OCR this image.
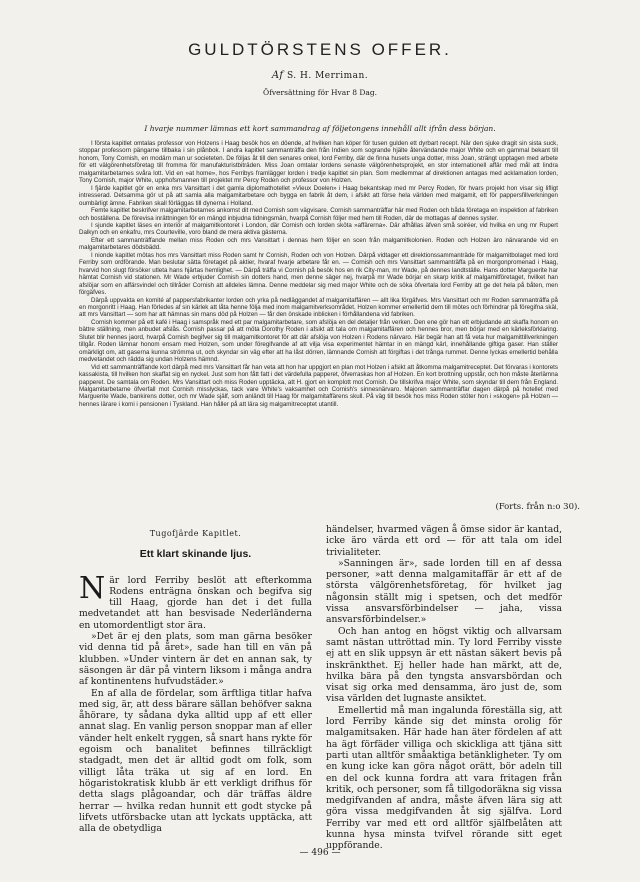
GULDTÖRSTENS OFFER.
Af S. H. Merriman.
Öfversättning för Hvar 8 Dag.
I hvarje nummer lämnas ett kort sammandrag af följetongens innehåll allt ifrån dess början.

I första kapitlet omtalas professor von Holzens i Haag besök hos en döende, af hvilken han köper för tusen gulden ett dyrbart recept. När den sjuke dragit sin sista suck, stoppar professorn pängarne tillbaka i sin plånbok. I andra kapitlet sammanträffa den från Indien som sogrande hjälte återvändande major White och en gammal bekant till honom, Tony Cornish, en modärn man ur societeten. De följas åt till den senares onkel, lord Ferriby, där de finna husets unga dotter, miss Joan, strängt upptagen med arbete för ett välgörenhetsföretag till fromma för manufakturistbiträden. Miss Joan omtalar lordens senaste välgörenhetsprojekt, en stor internationell affär med mål att lindra malgamitarbetarnes svåra lott. Vid en »at home», hos Ferribys framlägger lorden i tredje kapitlet sin plan. Som medlemmar af direktionen antagas med acklamation lorden, Tony Cornish, major White, upphofsmannen till projektet mr Percy Roden och professor von Holzen.

I fjärde kapitlet gör en enka mrs Vansittart i det gamla diplomathotellet »Vieux Doelen» i Haag bekantskap med mr Percy Roden, för hvars projekt hon visar sig lifligt intresserad. Detsamma gör ut på att samla alla malgamitarbetare och bygga en fabrik åt dem, i afsikt att förse hela världen med malgamit, ett för pappersfillverkningen oumbärligt ämne. Fabriken skall förläggas till dynerna i Holland.

Femte kapitlet beskrifver malgamitarbetarnes ankomst dit med Cornish som vägvisare. Cornish sammanträffar här med Roden och båda företaga en inspektion af fabriken och boställena. De förevisa inrättningen för en mängd inbjudna tidningsmän, hvarpå Cornish följer med hem till Roden, där de mottagas af dennes syster.

I sjunde kapitlet läses en interiör af malgamitkontoret i London, där Cornish och lorden sköta »affärerna». Där afhållas äfven små soiréer, vid hvilka en ung mr Rupert Dalkyn och en enkafru, mrs Courteville, voro bland de mera aktiva gästerna.

Efter ett sammanträffande mellan miss Roden och mrs Vansittart i dennas hem följer en scen från malgamitkolonien. Roden och Holzen äro närvarande vid en malgamitarbetares dödsbädd.

I nionde kapitlet mötas hos mrs Vansittart miss Roden samt hr Cornish, Roden och von Holzen. Därpå vidtager ett direktionssammanträde för malgamitbolaget med lord Ferriby som ordförande. Man beslutar sätta företaget på aktier, hvaraf hvarje arbetare får en. — Cornish och mrs Vansittart sammanträffa på en morgonpromenad i Haag, hvarvid hon slugt försöker utleta hans hjärtas hemlighet. — Därpå träffa vi Cornish på besök hos en rik City-man, mr Wade, på dennes landtställe. Hans dotter Marguerite har hämtat Cornish vid stationen. Mr Wade erbjuder Cornish sin dotters hand, men denne säger nej, hvarpå mr Wade börjar en skarp kritik af malgamitföretaget, hvilket han afslöjar som en affärsvindel och tillråder Cornish att alldeles lämna. Denne meddelar sig med major White och de söka öfvertala lord Ferriby att ge det hela på båten, men förgäfves.

Därpå uppvaktа en komité af pappersfabrikanter lorden och yrka på nedläggandet af malgamitaffären — allt lika förgäfves. Mrs Vansittart och mr Roden sammanträffa på en morgonritt i Haag. Han förledes af sin kärlek att låta henne följa med inom malgamitverksområdet. Holzen kommer emellertid dem till mötes och förhindrar på föregifna skäl, att mrs Vansittart — som har att hämnas sin mans död på Holzen — får den önskade inblicken i förhållandena vid fabriken.

Cornish kommer på ett kafé i Haag i samspråk med ett par malgamitarbetare, som afslöja en del detaljer från verken. Den ene gör han ett erbjudande att skaffa honom en bättre ställning, men anbudet afslås. Cornish passar på att möta Dorothy Roden i afsikt att tala om malgamitaffären och hennes bror, men börjar med en kärleksförklaring. Slutet blir hennes jaord, hvarpå Cornish begifver sig till malgamitkontoret för att där afslöja von Holzen i Rodens närvaro. Här begär han att få veta hur malgamittillverkningen tillgår. Roden lämnar honom ensam med Holzen, som under föregifvande af att vilja visa experimentet hämtar in en mängd kärl, innehållande giftiga gaser. Han ställer omärkligt om, att gaserna kunna strömma ut, och skyndar sin väg efter att ha låst dörren, lämnande Cornish att förgiftas i det trånga rummet. Denne lyckas emellertid behålla medvetandet och rädda sig undan Holzens hämnd.

Vid ett sammanträffande kort därpå med mrs Vansittart får han veta att hon har uppgjort en plan mot Holzen i afsikt att åtkomma malgamitreceptet. Det förvaras i kontorets kassakista, till hvilken hon skaffat sig en nyckel. Just som hon fått fatt i det värdefulla papperet, öfverraskas hon af Holzen. En kort brottning uppstår, och hon måste återlämna papperet. De samtala om Roden. Mrs Vansittart och miss Roden upptäcka, att H. gjort en komplott mot Cornish. De tillskrifva major White, som skyndar till dem från England. Malgamitarbetarne öfverfall mot Cornish misslyckas, tack vare White's vaksamhet och Cornish's sinnesnärvaro. Majoren sammanträffar dagen därpå på hotellet med Marguerite Wade, bankirens dotter, och mr Wade själf, som anländt till Haag för malgamitaffärens skull. På väg till besök hos miss Roden stöter hon i »skogen» på Holzen — hennes lärare i komi i pensionen i Tyskland. Han håller på att lära sig malgamitreceptet utantill.

(Forts. från n:o 30).
Tugofjärde Kapitlet.
Ett klart skinande ljus.

När lord Ferriby beslöt att efterkomma Rodens enträgna önskan och begifva sig till Haag, gjorde han det i det fulla medvetandet att han besvisade Nederländerna en utomordentligt stor ära.

»Det är ej den plats, som man gärna besöker vid denna tid på året», sade han till en vän på klubben. »Under vintern är det en annan sak, ty säsongen är där på vintern liksom i många andra af kontinentens hufvudstäder.»

En af alla de fördelar, som ärftliga titlar hafva med sig, är, att dess bärare sällan behöfver sakna åhörare, ty sådana dyka alltid upp af ett eller annat slag. En vanlig person snoppar man af eller vänder helt enkelt ryggen, så snart hans rykte för egoism och banalitet befinnes tillräckligt stadgadt, men det är alltid godt om folk, som villigt låta träka ut sig af en lord. En högaristokratisk klubb är ett verkligt drifhus för detta slags plågoandar, och där träffas äldre herrar — hvilka redan hunnit ett godt stycke på lifvets utförsbacke utan att lyckats upptäcka, att alla de obetydliga

händelser, hvarmed vägen å ömse sidor är kantad, icke äro värda ett ord — för att tala om idel trivialiteter.

»Sanningen är», sade lorden till en af dessa personer, »att denna malgamitaffär är ett af de största välgörenhetsföretag, för hvilket jag någonsin ställt mig i spetsen, och det medför vissa ansvarsförbindelser — jaha, vissa ansvarsförbindelser.»

Och han antog en högst viktig och allvarsam samt nästan uttröttad min. Ty lord Ferriby visste ej att en slik uppsyn är ett nästan säkert bevis på inskränkthet. Ej heller hade han märkt, att de, hvilka bära på den tyngsta ansvarsbördan och visat sig orka med densamma, äro just de, som visa världen det lugnaste ansiktet.

Emellertid må man ingalunda föreställa sig, att lord Ferriby kände sig det minsta orolig för malgamitsaken. Här hade han äter fördelen af att ha ägt förfäder villiga och skickliga att tjäna sitt parti utan alltför småaktiga betänkligheter. Ty om en kung icke kan göra något orätt, bör adeln till en del ock kunna fordra att vara fritagen från kritik, och personer, som få tillgodoräkna sig vissa medgifvanden af andra, måste äfven lära sig att göra vissa medgifvanden åt sig själfva. Lord Ferriby var med ett ord alltför själfbelåten att kunna hysa minsta tvifvel rörande sitt eget uppförande.

— 496 —
